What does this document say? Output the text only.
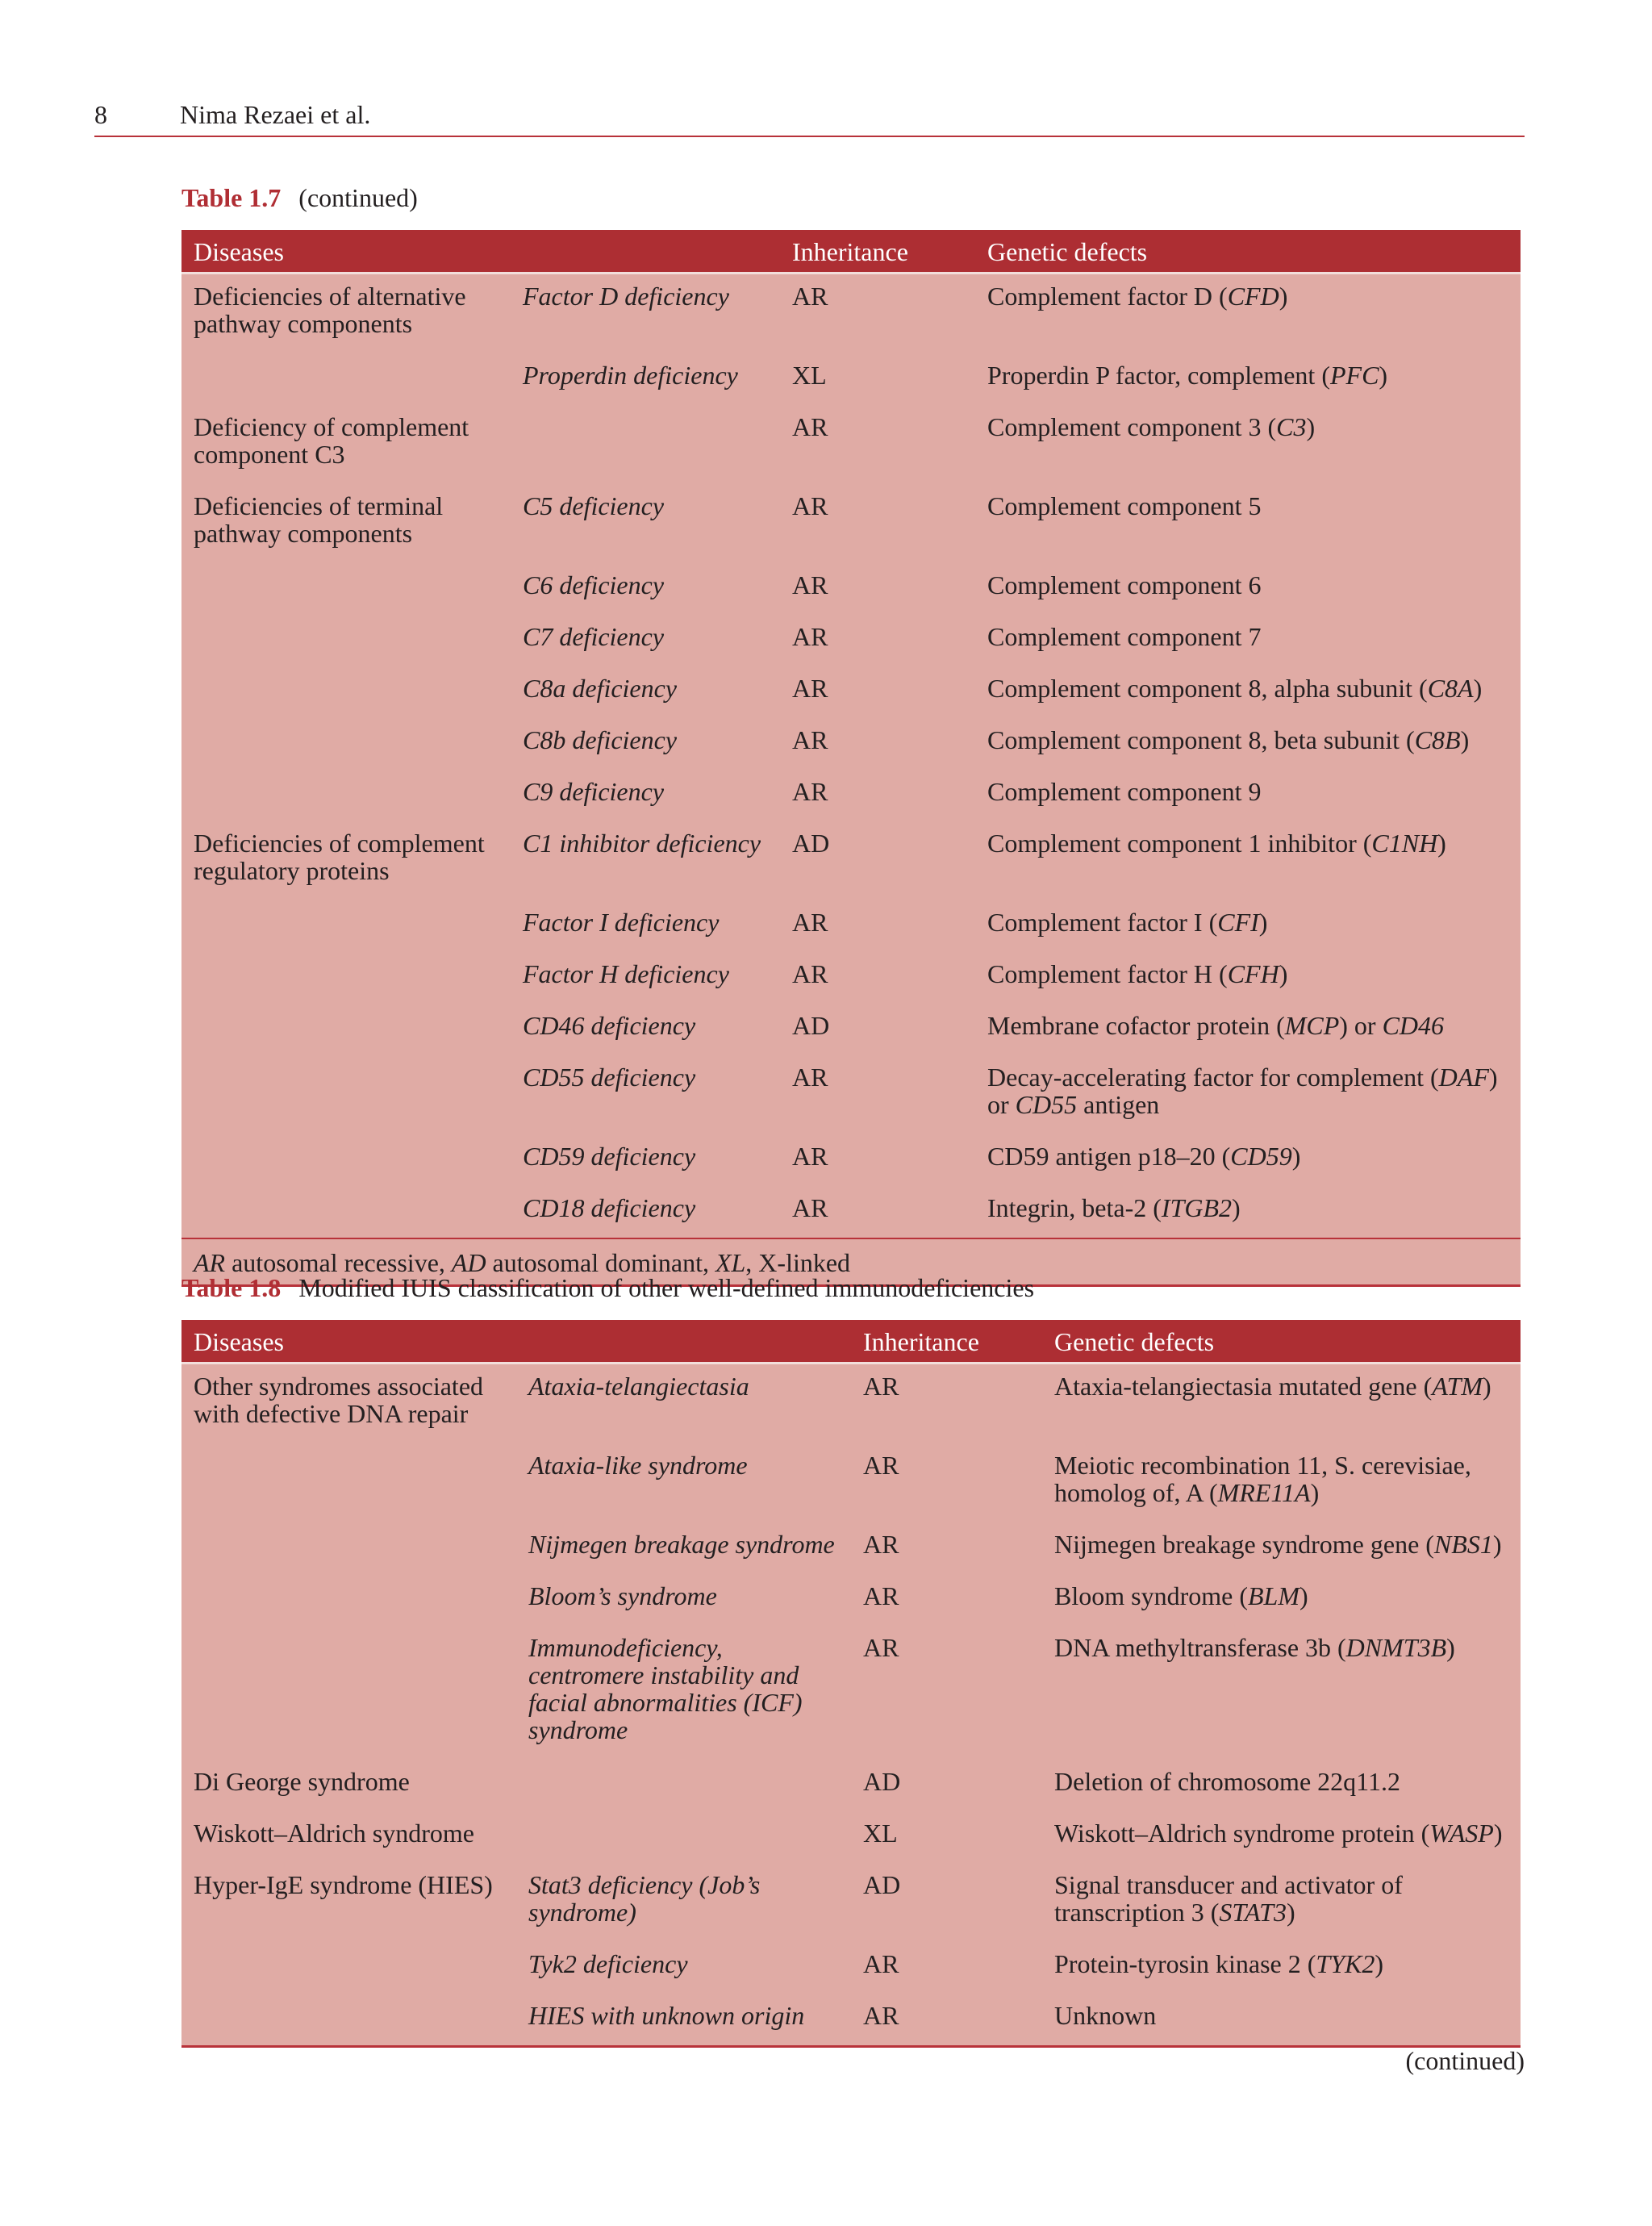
8	Nima Rezaei et al.
Table 1.7 (continued)
Diseases		Inheritance	Genetic defects
Deficiencies of alternative pathway components	Factor D deficiency	AR	Complement factor D (CFD)
	Properdin deficiency	XL	Properdin P factor, complement (PFC)
Deficiency of complement component C3		AR	Complement component 3 (C3)
Deficiencies of terminal pathway components	C5 deficiency	AR	Complement component 5
	C6 deficiency	AR	Complement component 6
	C7 deficiency	AR	Complement component 7
	C8a deficiency	AR	Complement component 8, alpha subunit (C8A)
	C8b deficiency	AR	Complement component 8, beta subunit (C8B)
	C9 deficiency	AR	Complement component 9
Deficiencies of complement regulatory proteins	C1 inhibitor deficiency	AD	Complement component 1 inhibitor (C1NH)
	Factor I deficiency	AR	Complement factor I (CFI)
	Factor H deficiency	AR	Complement factor H (CFH)
	CD46 deficiency	AD	Membrane cofactor protein (MCP) or CD46
	CD55 deficiency	AR	Decay-accelerating factor for complement (DAF) or CD55 antigen
	CD59 deficiency	AR	CD59 antigen p18–20 (CD59)
	CD18 deficiency	AR	Integrin, beta-2 (ITGB2)
AR autosomal recessive, AD autosomal dominant, XL, X-linked			
Table 1.8 Modified IUIS classification of other well-defined immunodeficiencies
Diseases		Inheritance	Genetic defects
Other syndromes associated with defective DNA repair	Ataxia-telangiectasia	AR	Ataxia-telangiectasia mutated gene (ATM)
	Ataxia-like syndrome	AR	Meiotic recombination 11, S. cerevisiae, homolog of, A (MRE11A)
	Nijmegen breakage syndrome	AR	Nijmegen breakage syndrome gene (NBS1)
	Bloom’s syndrome	AR	Bloom syndrome (BLM)
	Immunodeficiency, centromere instability and facial abnormalities (ICF) syndrome	AR	DNA methyltransferase 3b (DNMT3B)
Di George syndrome		AD	Deletion of chromosome 22q11.2
Wiskott–Aldrich syndrome		XL	Wiskott–Aldrich syndrome protein (WASP)
Hyper-IgE syndrome (HIES)	Stat3 deficiency (Job’s syndrome)	AD	Signal transducer and activator of transcription 3 (STAT3)
	Tyk2 deficiency	AR	Protein-tyrosin kinase 2 (TYK2)
	HIES with unknown origin	AR	Unknown
(continued)
